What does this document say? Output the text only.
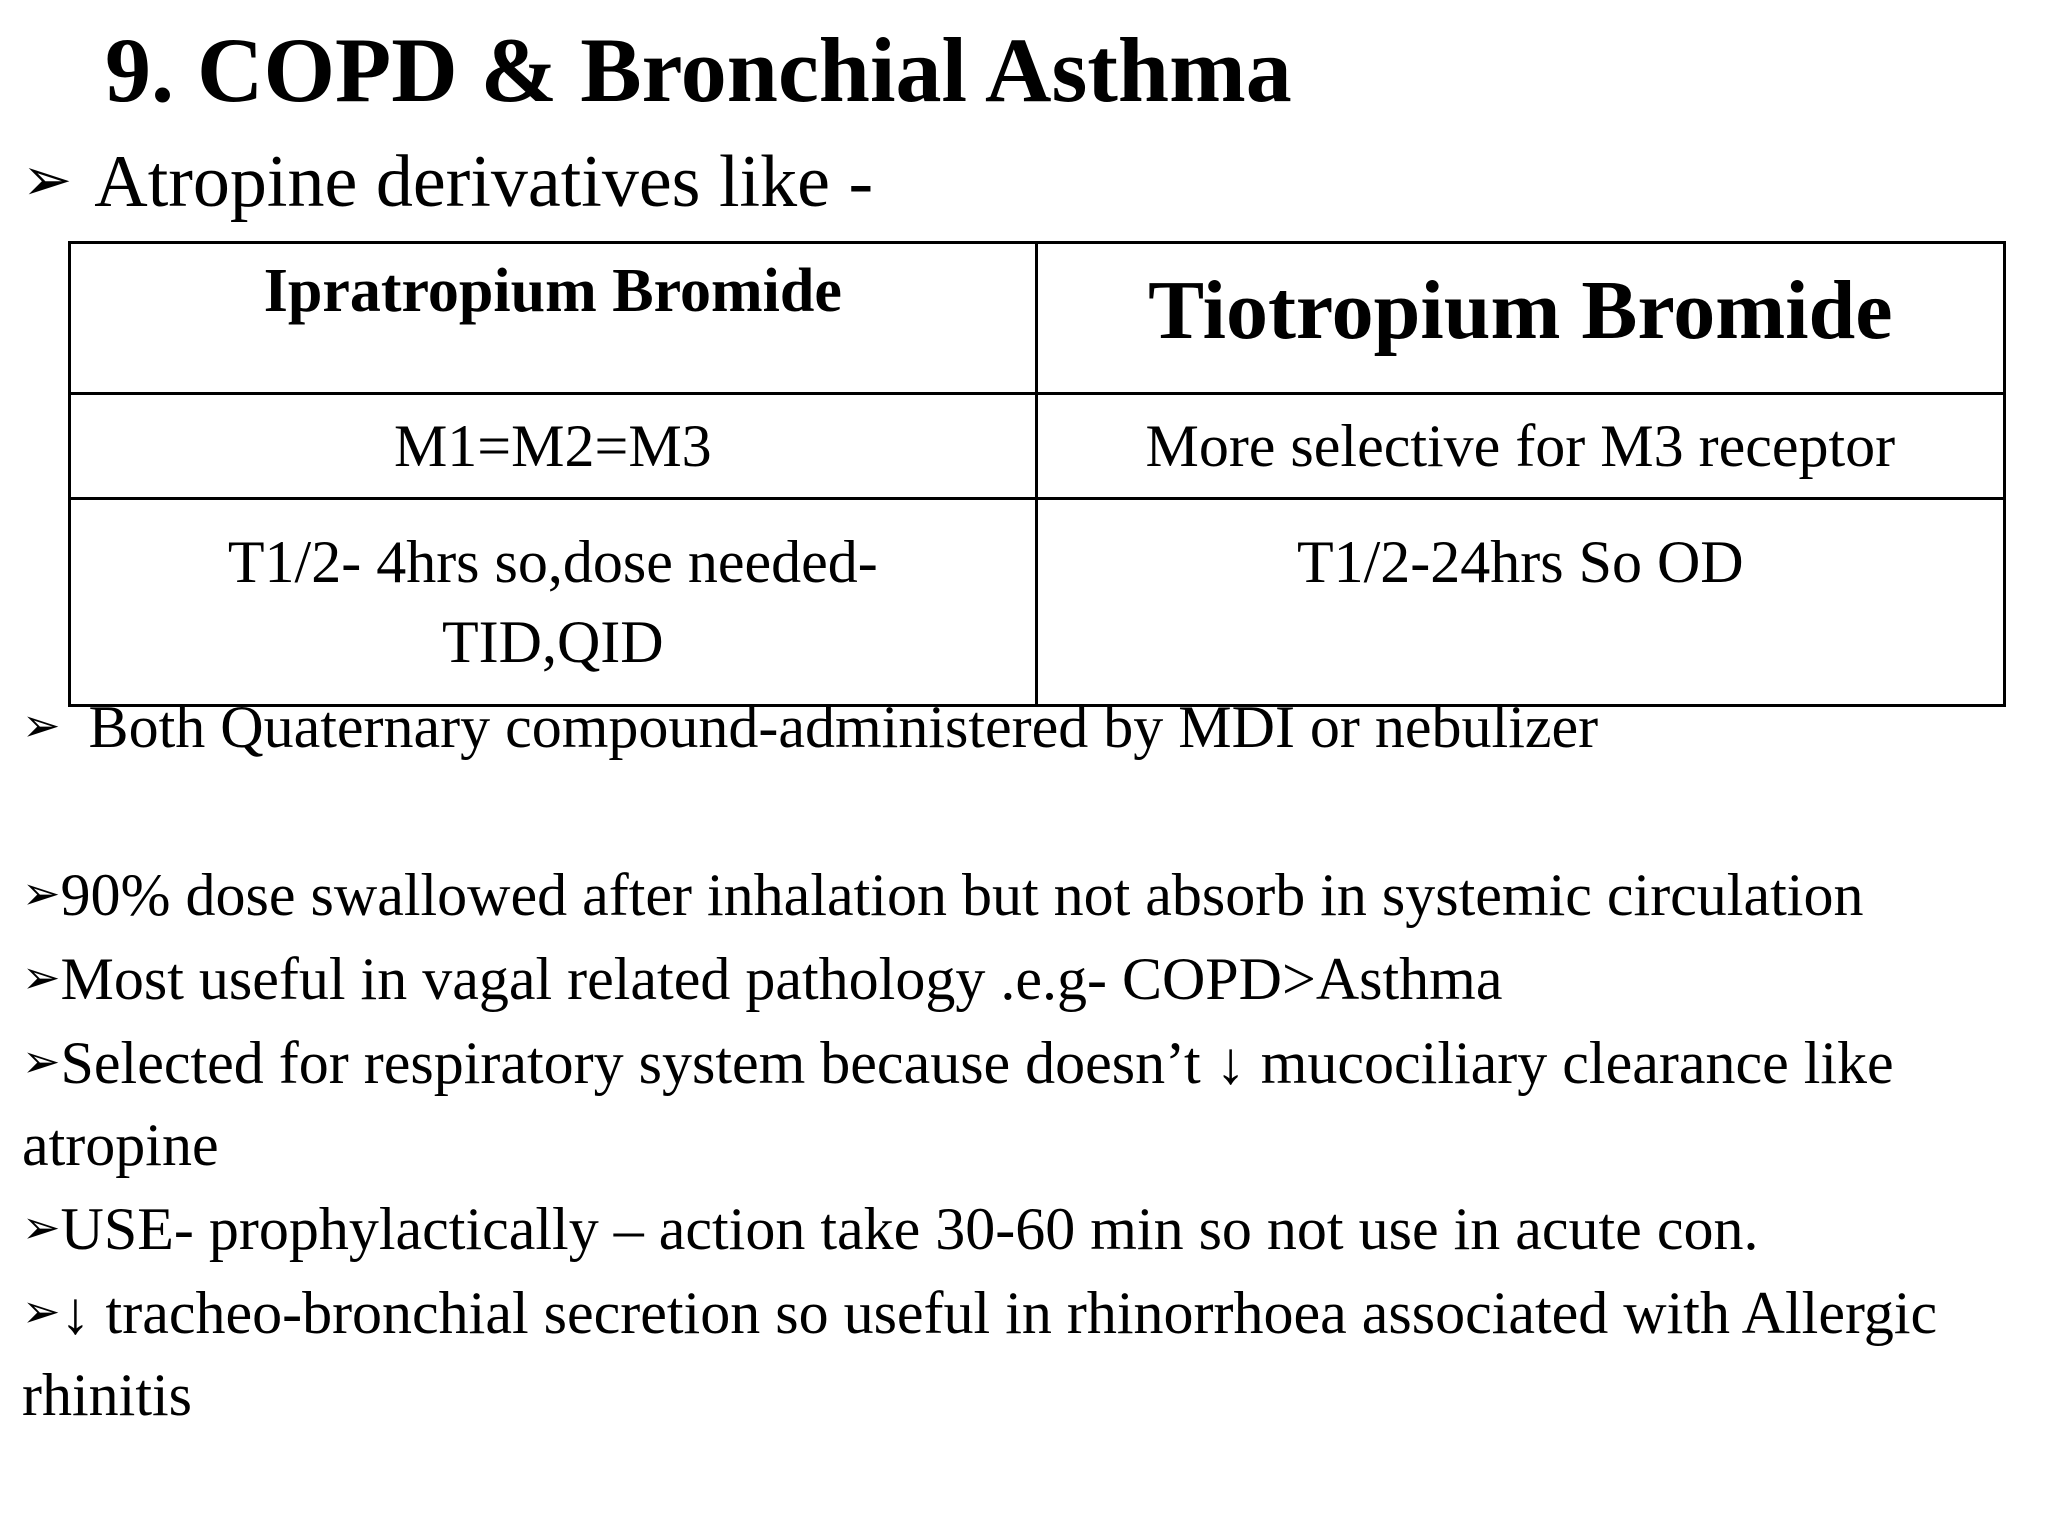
9. COPD & Bronchial Asthma
➢ Atropine derivatives like -
Ipratropium Bromide	Tiotropium Bromide
M1=M2=M3	More selective for M3 receptor
T1/2- 4hrs so,dose needed-TID,QID	T1/2-24hrs So OD

➢ Both Quaternary compound-administered by MDI or nebulizer

➢90% dose swallowed after inhalation but not absorb in systemic circulation

➢Most useful in vagal related pathology .e.g- COPD>Asthma

➢Selected for respiratory system because doesn’t ↓ mucociliary clearance like atropine

➢USE- prophylactically – action take 30-60 min so not use in acute con.

➢↓ tracheo-bronchial secretion so useful in rhinorrhoea associated with Allergic rhinitis
